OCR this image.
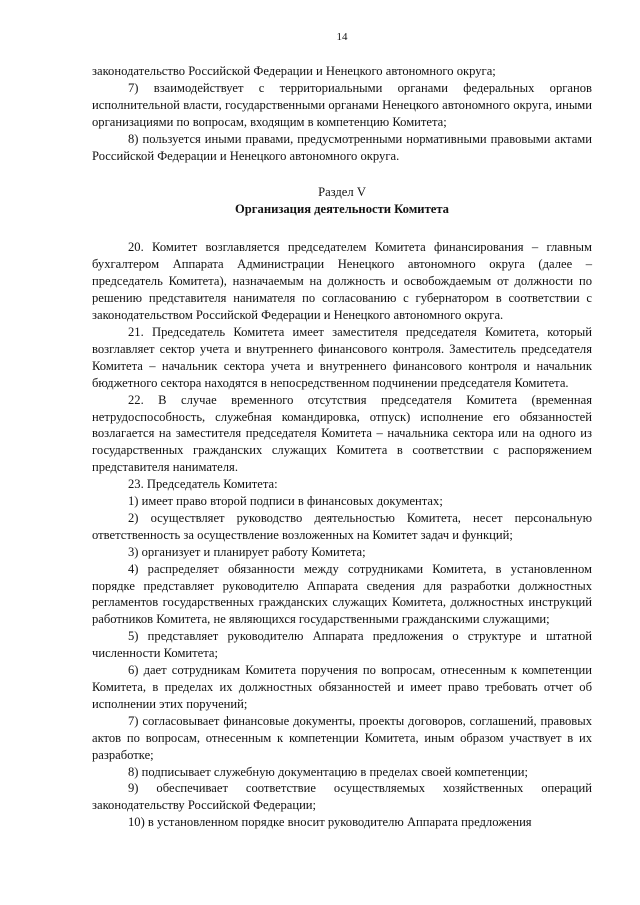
14

законодательство Российской Федерации и Ненецкого автономного округа;

7) взаимодействует с территориальными органами федеральных органов исполнительной власти, государственными органами Ненецкого автономного округа, иными организациями по вопросам, входящим в компетенцию Комитета;

8) пользуется иными правами, предусмотренными нормативными правовыми актами Российской Федерации и Ненецкого автономного округа.

Раздел V
Организация деятельности Комитета

20. Комитет возглавляется председателем Комитета финансирования – главным бухгалтером Аппарата Администрации Ненецкого автономного округа (далее – председатель Комитета), назначаемым на должность и освобождаемым от должности по решению представителя нанимателя по согласованию с губернатором в соответствии с законодательством Российской Федерации и Ненецкого автономного округа.

21. Председатель Комитета имеет заместителя председателя Комитета, который возглавляет сектор учета и внутреннего финансового контроля. Заместитель председателя Комитета – начальник сектора учета и внутреннего финансового контроля и начальник бюджетного сектора находятся в непосредственном подчинении председателя Комитета.

22. В случае временного отсутствия председателя Комитета (временная нетрудоспособность, служебная командировка, отпуск) исполнение его обязанностей возлагается на заместителя председателя Комитета – начальника сектора или на одного из государственных гражданских служащих Комитета в соответствии с распоряжением представителя нанимателя.

23. Председатель Комитета:

1) имеет право второй подписи в финансовых документах;

2) осуществляет руководство деятельностью Комитета, несет персональную ответственность за осуществление возложенных на Комитет задач и функций;

3) организует и планирует работу Комитета;

4) распределяет обязанности между сотрудниками Комитета, в установленном порядке представляет руководителю Аппарата сведения для разработки должностных регламентов государственных гражданских служащих Комитета, должностных инструкций работников Комитета, не являющихся государственными гражданскими служащими;

5) представляет руководителю Аппарата предложения о структуре и штатной численности Комитета;

6) дает сотрудникам Комитета поручения по вопросам, отнесенным к компетенции Комитета, в пределах их должностных обязанностей и имеет право требовать отчет об исполнении этих поручений;

7) согласовывает финансовые документы, проекты договоров, соглашений, правовых актов по вопросам, отнесенным к компетенции Комитета, иным образом участвует в их разработке;

8) подписывает служебную документацию в пределах своей компетенции;

9) обеспечивает соответствие осуществляемых хозяйственных операций законодательству Российской Федерации;

10) в установленном порядке вносит руководителю Аппарата предложения
